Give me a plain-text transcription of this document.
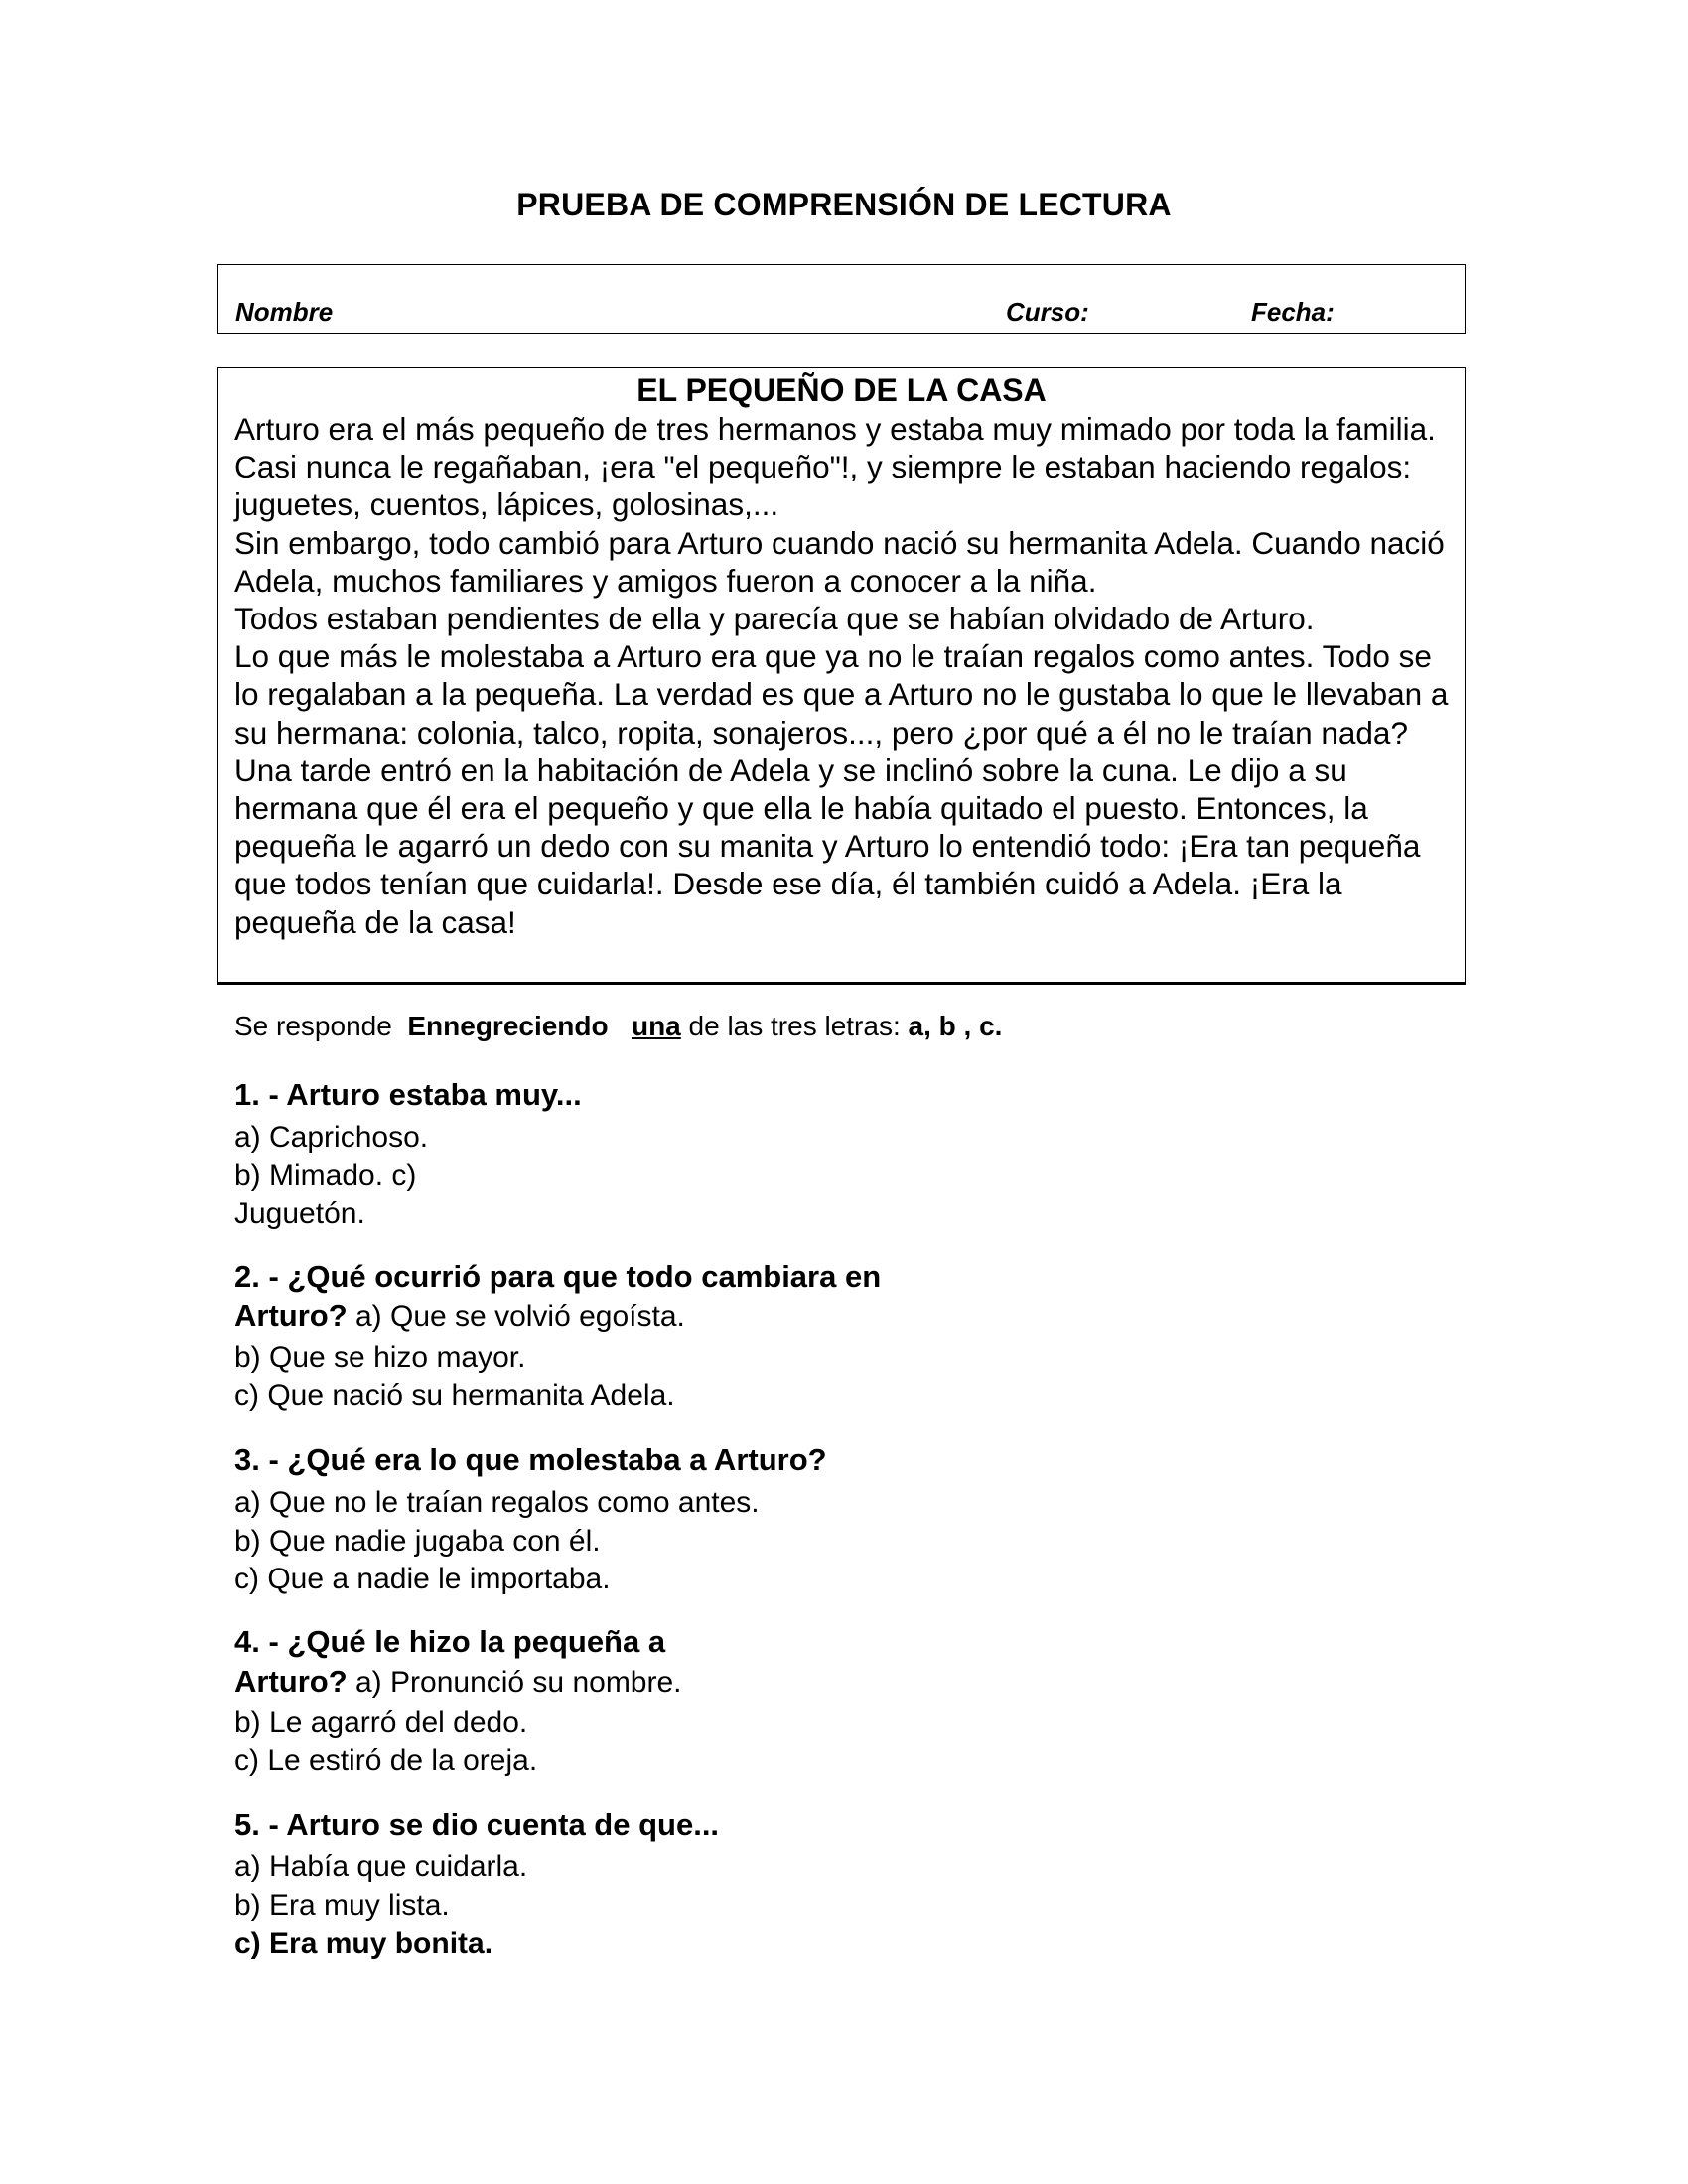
PRUEBA DE COMPRENSIÓN DE LECTURA
Nombre	Curso:	Fecha:
EL PEQUEÑO DE LA CASA

Arturo era el más pequeño de tres hermanos y estaba muy mimado por toda la familia. Casi nunca le regañaban, ¡era "el pequeño"!, y siempre le estaban haciendo regalos: juguetes, cuentos, lápices, golosinas,...

Sin embargo, todo cambió para Arturo cuando nació su hermanita Adela. Cuando nació Adela, muchos familiares y amigos fueron a conocer a la niña.

Todos estaban pendientes de ella y parecía que se habían olvidado de Arturo.

Lo que más le molestaba a Arturo era que ya no le traían regalos como antes. Todo se lo regalaban a la pequeña. La verdad es que a Arturo no le gustaba lo que le llevaban a su hermana: colonia, talco, ropita, sonajeros..., pero ¿por qué a él no le traían nada?

Una tarde entró en la habitación de Adela y se inclinó sobre la cuna. Le dijo a su hermana que él era el pequeño y que ella le había quitado el puesto. Entonces, la pequeña le agarró un dedo con su manita y Arturo lo entendió todo: ¡Era tan pequeña que todos tenían que cuidarla!. Desde ese día, él también cuidó a Adela. ¡Era la pequeña de la casa!

Se responde Ennegreciendo una de las tres letras: a, b , c.
1. - Arturo estaba muy...
a) Caprichoso.
b) Mimado. c)
Juguetón.
2. - ¿Qué ocurrió para que todo cambiara en
Arturo? a) Que se volvió egoísta.
b) Que se hizo mayor.
c) Que nació su hermanita Adela.
3. - ¿Qué era lo que molestaba a Arturo?
a) Que no le traían regalos como antes.
b) Que nadie jugaba con él.
c) Que a nadie le importaba.
4. - ¿Qué le hizo la pequeña a
Arturo? a) Pronunció su nombre.
b) Le agarró del dedo.
c) Le estiró de la oreja.
5. - Arturo se dio cuenta de que...
a) Había que cuidarla.
b) Era muy lista.
c) Era muy bonita.
